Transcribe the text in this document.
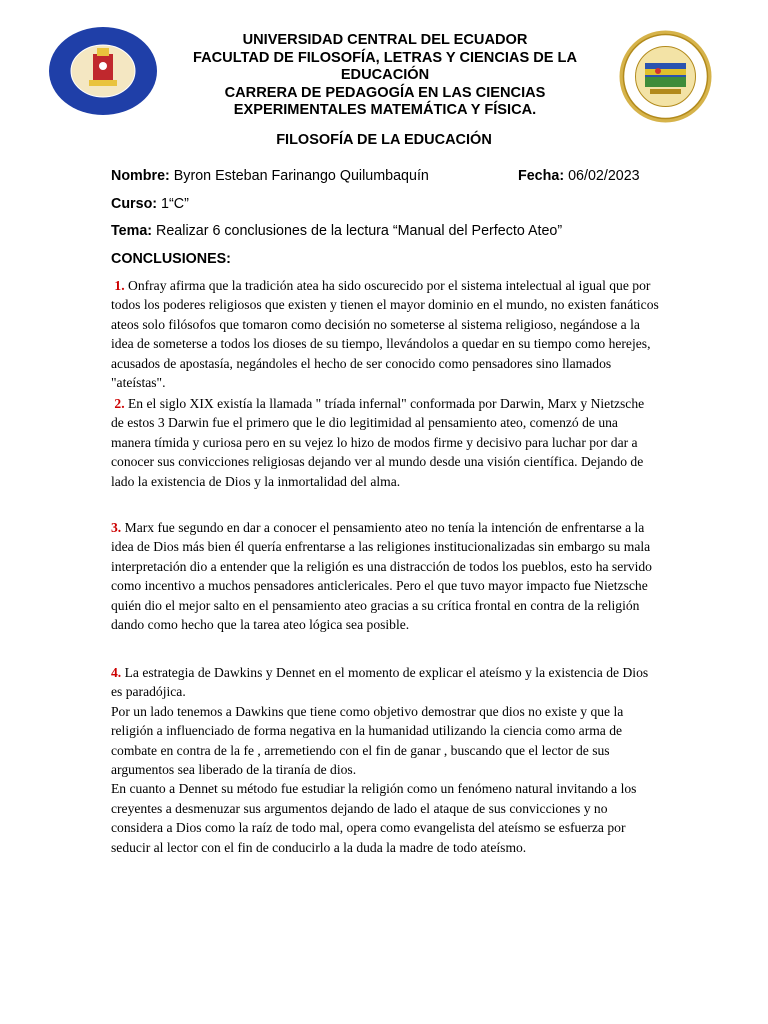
UNIVERSIDAD CENTRAL DEL ECUADOR
FACULTAD DE FILOSOFÍA, LETRAS Y CIENCIAS DE LA
EDUCACIÓN
CARRERA DE PEDAGOGÍA EN LAS CIENCIAS
EXPERIMENTALES MATEMÁTICA Y FÍSICA.
FILOSOFÍA DE LA EDUCACIÓN
Nombre: Byron Esteban Farinango Quilumbaquín	Fecha: 06/02/2023
Curso: 1“C”
Tema: Realizar 6 conclusiones de la lectura “Manual del Perfecto Ateo”
CONCLUSIONES:

1. Onfray afirma que la tradición atea ha sido oscurecido por el sistema intelectual al igual que por todos los poderes religiosos que existen y tienen el mayor dominio en el mundo, no existen fanáticos ateos solo filósofos que tomaron como decisión no someterse al sistema religioso, negándose a la idea de someterse a todos los dioses de su tiempo, llevándolos a quedar en su tiempo como herejes, acusados de apostasía, negándoles el hecho de ser conocido como pensadores sino llamados "ateístas".

2. En el siglo XIX existía la llamada " tríada infernal" conformada por Darwin, Marx y Nietzsche de estos 3 Darwin fue el primero que le dio legitimidad al pensamiento ateo, comenzó de una manera tímida y curiosa pero en su vejez lo hizo de modos firme y decisivo para luchar por dar a conocer sus convicciones religiosas dejando ver al mundo desde una visión científica. Dejando de lado la existencia de Dios y la inmortalidad del alma.

3. Marx fue segundo en dar a conocer el pensamiento ateo no tenía la intención de enfrentarse a la idea de Dios más bien él quería enfrentarse a las religiones institucionalizadas sin embargo su mala interpretación dio a entender que la religión es una distracción de todos los pueblos, esto ha servido como incentivo a muchos pensadores anticlericales. Pero el que tuvo mayor impacto fue Nietzsche quién dio el mejor salto en el pensamiento ateo gracias a su crítica frontal en contra de la religión dando como hecho que la tarea ateo lógica sea posible.

4. La estrategia de Dawkins y Dennet en el momento de explicar el ateísmo y la existencia de Dios es paradójica.

Por un lado tenemos a Dawkins que tiene como objetivo demostrar que dios no existe y que la religión a influenciado de forma negativa en la humanidad utilizando la ciencia como arma de combate en contra de la fe , arremetiendo con el fin de ganar , buscando que el lector de sus argumentos sea liberado de la tiranía de dios.

En cuanto a Dennet su método fue estudiar la religión como un fenómeno natural invitando a los creyentes a desmenuzar sus argumentos dejando de lado el ataque de sus convicciones y no considera a Dios como la raíz de todo mal, opera como evangelista del ateísmo se esfuerza por seducir al lector con el fin de conducirlo a la duda la madre de todo ateísmo.
